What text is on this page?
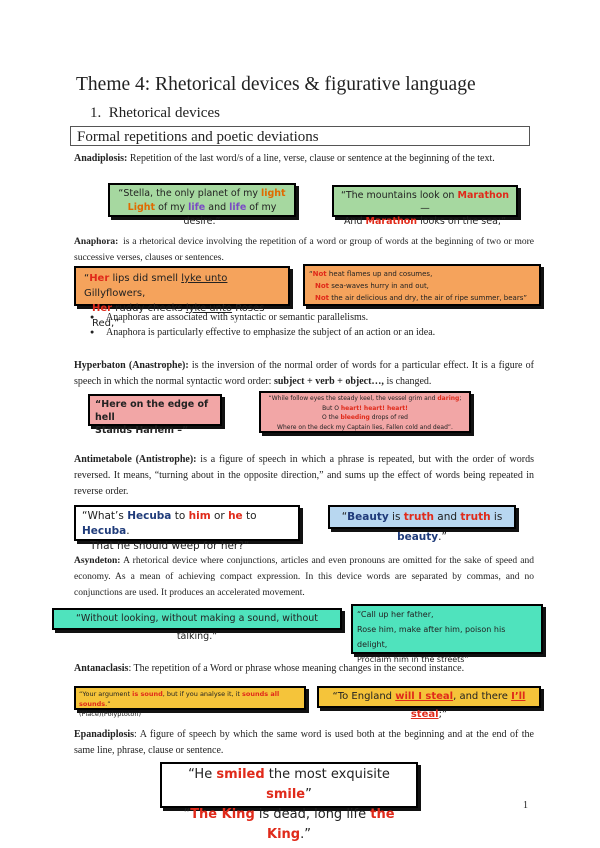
Theme 4: Rhetorical devices & figurative language
1. Rhetorical devices
Formal repetitions and poetic deviations
Anadiplosis: Repetition of the last word/s of a line, verse, clause or sentence at the beginning of the text.
“Stella, the only planet of my light
Light of my life and life of my desire.”
“The mountains look on Marathon—
And Marathon looks on the sea;”
Anaphora: is a rhetorical device involving the repetition of a word or group of words at the beginning of two or more successive verses, clauses or sentences.
“Her lips did smell lyke unto Gillyflowers,
Her ruddy cheeks lyke unto Roses Red,”
“Not heat flames up and cosumes,
Not sea-waves hurry in and out,
Not the air delicious and dry, the air of ripe summer, bears”
● Anaphoras are associated with syntactic or semantic parallelisms.
● Anaphora is particularly effective to emphasize the subject of an action or an idea.
Hyperbaton (Anastrophe): is the inversion of the normal order of words for a particular effect. It is a figure of speech in which the normal syntactic word order: subject + verb + object…, is changed.
“Here on the edge of hell
Stands Harlem –”
“While follow eyes the steady keel, the vessel grim and daring;
But O heart! heart! heart!
O the bleeding drops of red
Where on the deck my Captain lies, Fallen cold and dead”.
Antimetabole (Antistrophe): is a figure of speech in which a phrase is repeated, but with the order of words reversed. It means, “turning about in the opposite direction,” and sums up the effect of words being repeated in reverse order.
“What’s Hecuba to him or he to Hecuba.
That he should weep for her?”
“Beauty is truth and truth is beauty.”
Asyndeton: A rhetorical device where conjunctions, articles and even pronouns are omitted for the sake of speed and economy. As a mean of achieving compact expression. In this device words are separated by commas, and no conjunctions are used. It produces an accelerated movement.
“Without looking, without making a sound, without talking.”
“Call up her father,
Rose him, make after him, poison his delight,
Proclaim him in the streets”
Antanaclasis: The repetition of a Word or phrase whose meaning changes in the second instance.
“Your argument is sound, but if you analyse it, it sounds all sounds.”
(Place)(Polyptoton)
“To England will I steal, and there I’ll steal;”
Epanadiplosis: A figure of speech by which the same word is used both at the beginning and at the end of the same line, phrase, clause or sentence.
“He smiled the most exquisite smile”
“The King is dead, long life the King.”
1
